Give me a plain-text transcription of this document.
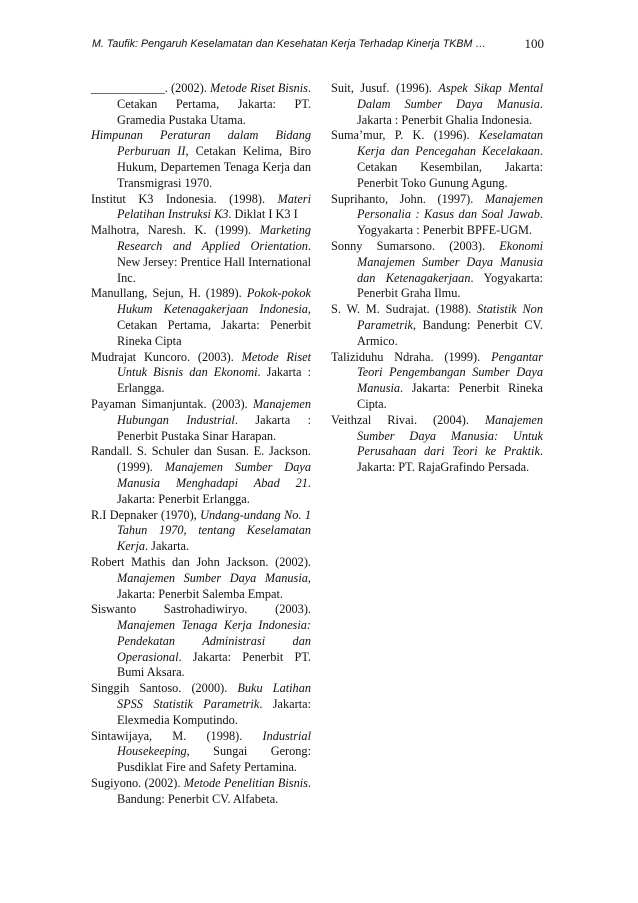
M. Taufik: Pengaruh Keselamatan dan Kesehatan Kerja Terhadap Kinerja TKBM …	100

____________. (2002). Metode Riset Bisnis. Cetakan Pertama, Jakarta: PT. Gramedia Pustaka Utama.

Himpunan Peraturan dalam Bidang Perburuan II, Cetakan Kelima, Biro Hukum, Departemen Tenaga Kerja dan Transmigrasi 1970.

Institut K3 Indonesia. (1998). Materi Pelatihan Instruksi K3. Diklat I K3 I

Malhotra, Naresh. K. (1999). Marketing Research and Applied Orientation. New Jersey: Prentice Hall International Inc.

Manullang, Sejun, H. (1989). Pokok-pokok Hukum Ketenagakerjaan Indonesia, Cetakan Pertama, Jakarta: Penerbit Rineka Cipta

Mudrajat Kuncoro. (2003). Metode Riset Untuk Bisnis dan Ekonomi. Jakarta : Erlangga.

Payaman Simanjuntak. (2003). Manajemen Hubungan Industrial. Jakarta : Penerbit Pustaka Sinar Harapan.

Randall. S. Schuler dan Susan. E. Jackson. (1999). Manajemen Sumber Daya Manusia Menghadapi Abad 21. Jakarta: Penerbit Erlangga.

R.I Depnaker (1970), Undang-undang No. 1 Tahun 1970, tentang Keselamatan Kerja. Jakarta.

Robert Mathis dan John Jackson. (2002). Manajemen Sumber Daya Manusia, Jakarta: Penerbit Salemba Empat.

Siswanto Sastrohadiwiryo. (2003). Manajemen Tenaga Kerja Indonesia: Pendekatan Administrasi dan Operasional. Jakarta: Penerbit PT. Bumi Aksara.

Singgih Santoso. (2000). Buku Latihan SPSS Statistik Parametrik. Jakarta: Elexmedia Komputindo.

Sintawijaya, M. (1998). Industrial Housekeeping, Sungai Gerong: Pusdiklat Fire and Safety Pertamina.

Sugiyono. (2002). Metode Penelitian Bisnis. Bandung: Penerbit CV. Alfabeta.

Suit, Jusuf. (1996). Aspek Sikap Mental Dalam Sumber Daya Manusia. Jakarta : Penerbit Ghalia Indonesia.

Suma’mur, P. K. (1996). Keselamatan Kerja dan Pencegahan Kecelakaan. Cetakan Kesembilan, Jakarta: Penerbit Toko Gunung Agung.

Suprihanto, John. (1997). Manajemen Personalia : Kasus dan Soal Jawab. Yogyakarta : Penerbit BPFE-UGM.

Sonny Sumarsono. (2003). Ekonomi Manajemen Sumber Daya Manusia dan Ketenagakerjaan. Yogyakarta: Penerbit Graha Ilmu.

S. W. M. Sudrajat. (1988). Statistik Non Parametrik, Bandung: Penerbit CV. Armico.

Taliziduhu Ndraha. (1999). Pengantar Teori Pengembangan Sumber Daya Manusia. Jakarta: Penerbit Rineka Cipta.

Veithzal Rivai. (2004). Manajemen Sumber Daya Manusia: Untuk Perusahaan dari Teori ke Praktik. Jakarta: PT. RajaGrafindo Persada.
